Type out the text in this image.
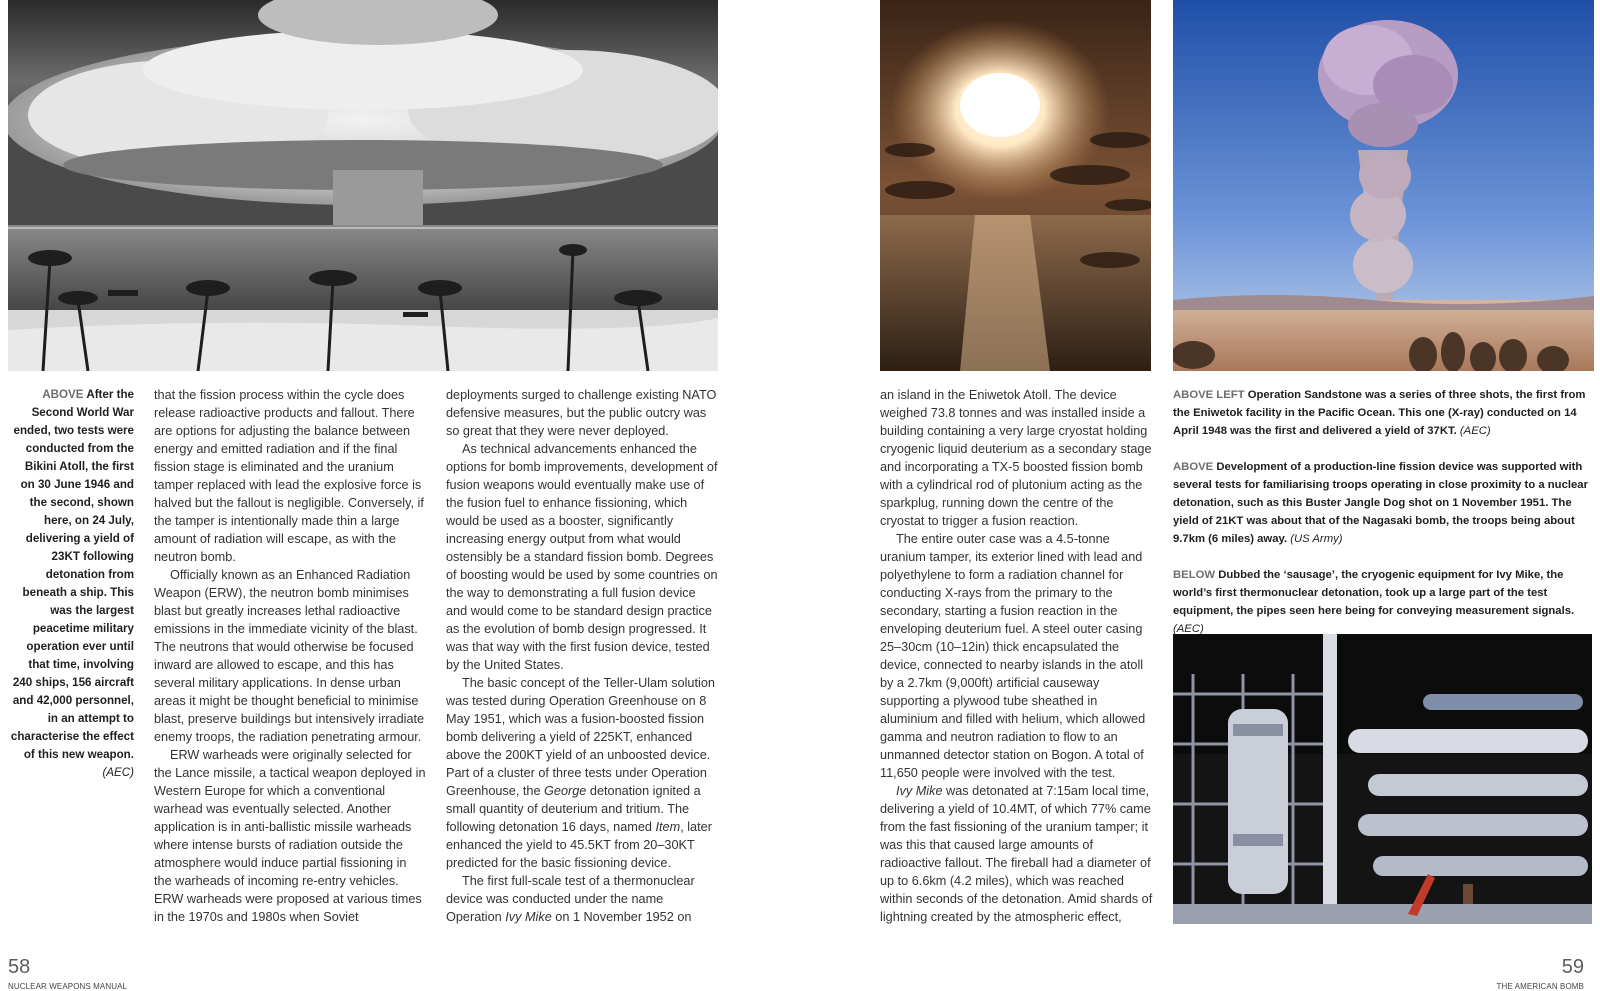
ABOVE After the Second World War ended, two tests were conducted from the Bikini Atoll, the first on 30 June 1946 and the second, shown here, on 24 July, delivering a yield of 23KT following detonation from beneath a ship. This was the largest peacetime military operation ever until that time, involving 240 ships, 156 aircraft and 42,000 personnel, in an attempt to characterise the effect of this new weapon. (AEC)

that the fission process within the cycle does release radioactive products and fallout. There are options for adjusting the balance between energy and emitted radiation and if the final fission stage is eliminated and the uranium tamper replaced with lead the explosive force is halved but the fallout is negligible. Conversely, if the tamper is intentionally made thin a large amount of radiation will escape, as with the neutron bomb.

Officially known as an Enhanced Radiation Weapon (ERW), the neutron bomb minimises blast but greatly increases lethal radioactive emissions in the immediate vicinity of the blast. The neutrons that would otherwise be focused inward are allowed to escape, and this has several military applications. In dense urban areas it might be thought beneficial to minimise blast, preserve buildings but intensively irradiate enemy troops, the radiation penetrating armour.

ERW warheads were originally selected for the Lance missile, a tactical weapon deployed in Western Europe for which a conventional warhead was eventually selected. Another application is in anti-ballistic missile warheads where intense bursts of radiation outside the atmosphere would induce partial fissioning in the warheads of incoming re-entry vehicles. ERW warheads were proposed at various times in the 1970s and 1980s when Soviet

deployments surged to challenge existing NATO defensive measures, but the public outcry was so great that they were never deployed.

As technical advancements enhanced the options for bomb improvements, development of fusion weapons would eventually make use of the fusion fuel to enhance fissioning, which would be used as a booster, significantly increasing energy output from what would ostensibly be a standard fission bomb. Degrees of boosting would be used by some countries on the way to demonstrating a full fusion device and would come to be standard design practice as the evolution of bomb design progressed. It was that way with the first fusion device, tested by the United States.

The basic concept of the Teller-Ulam solution was tested during Operation Greenhouse on 8 May 1951, which was a fusion-boosted fission bomb delivering a yield of 225KT, enhanced above the 200KT yield of an unboosted device. Part of a cluster of three tests under Operation Greenhouse, the George detonation ignited a small quantity of deuterium and tritium. The following detonation 16 days, named Item, later enhanced the yield to 45.5KT from 20–30KT predicted for the basic fissioning device.

The first full-scale test of a thermonuclear device was conducted under the name Operation Ivy Mike on 1 November 1952 on

an island in the Eniwetok Atoll. The device weighed 73.8 tonnes and was installed inside a building containing a very large cryostat holding cryogenic liquid deuterium as a secondary stage and incorporating a TX-5 boosted fission bomb with a cylindrical rod of plutonium acting as the sparkplug, running down the centre of the cryostat to trigger a fusion reaction.

The entire outer case was a 4.5-tonne uranium tamper, its exterior lined with lead and polyethylene to form a radiation channel for conducting X-rays from the primary to the secondary, starting a fusion reaction in the enveloping deuterium fuel. A steel outer casing 25–30cm (10–12in) thick encapsulated the device, connected to nearby islands in the atoll by a 2.7km (9,000ft) artificial causeway supporting a plywood tube sheathed in aluminium and filled with helium, which allowed gamma and neutron radiation to flow to an unmanned detector station on Bogon. A total of 11,650 people were involved with the test.

Ivy Mike was detonated at 7:15am local time, delivering a yield of 10.4MT, of which 77% came from the fast fissioning of the uranium tamper; it was this that caused large amounts of radioactive fallout. The fireball had a diameter of up to 6.6km (4.2 miles), which was reached within seconds of the detonation. Amid shards of lightning created by the atmospheric effect,

ABOVE LEFT Operation Sandstone was a series of three shots, the first from the Eniwetok facility in the Pacific Ocean. This one (X-ray) conducted on 14 April 1948 was the first and delivered a yield of 37KT. (AEC)
ABOVE Development of a production-line fission device was supported with several tests for familiarising troops operating in close proximity to a nuclear detonation, such as this Buster Jangle Dog shot on 1 November 1951. The yield of 21KT was about that of the Nagasaki bomb, the troops being about 9.7km (6 miles) away. (US Army)
BELOW Dubbed the ‘sausage’, the cryogenic equipment for Ivy Mike, the world’s first thermonuclear detonation, took up a large part of the test equipment, the pipes seen here being for conveying measurement signals. (AEC)
58
NUCLEAR WEAPONS MANUAL
59
THE AMERICAN BOMB
